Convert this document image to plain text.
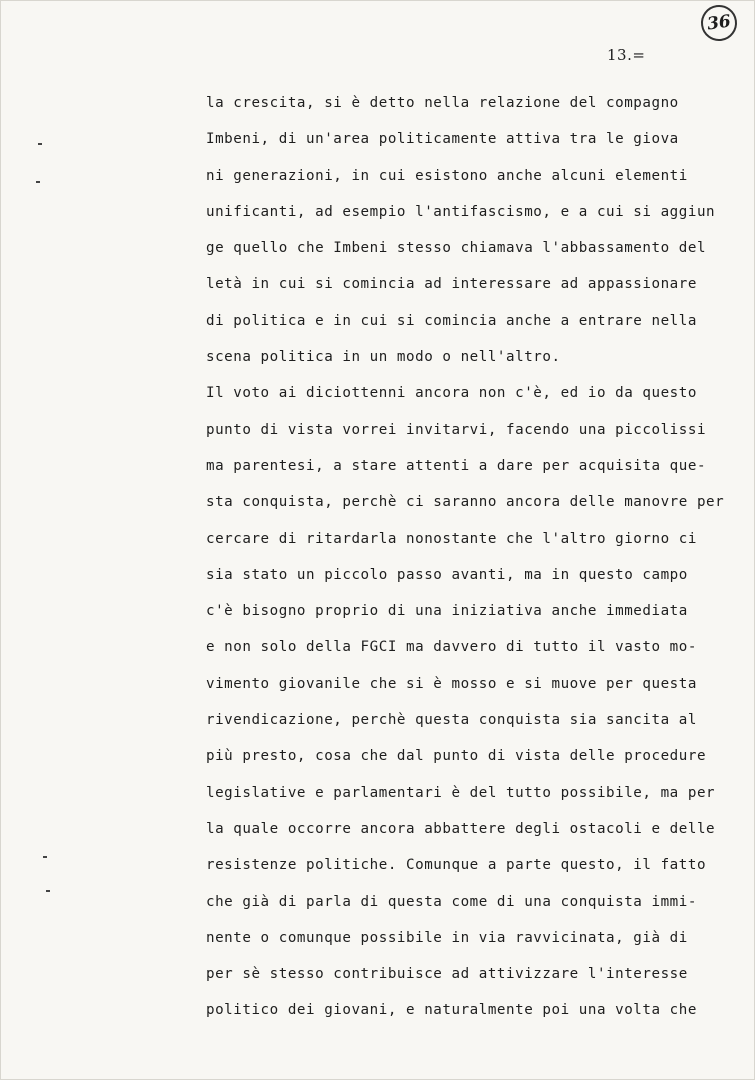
36
13.=
la crescita, si è detto nella relazione del compagno
Imbeni, di un'area politicamente attiva tra le giova
ni generazioni, in cui esistono anche alcuni elementi
unificanti, ad esempio l'antifascismo, e a cui si aggiun
ge quello che Imbeni stesso chiamava l'abbassamento del
letà in cui si comincia ad interessare ad appassionare
di politica e in cui si comincia anche a entrare nella
scena politica in un modo o nell'altro.
Il voto ai diciottenni ancora non c'è, ed io da questo
punto di vista vorrei invitarvi, facendo una piccolissi
ma parentesi, a stare attenti a dare per acquisita que-
sta conquista, perchè ci saranno ancora delle manovre per
cercare di ritardarla nonostante che l'altro giorno ci
sia stato un piccolo passo avanti, ma in questo campo
c'è bisogno proprio di una iniziativa anche immediata
e non solo della FGCI ma davvero di tutto il vasto mo-
vimento giovanile che si è mosso e si muove per questa
rivendicazione, perchè questa conquista sia sancita al
più presto, cosa che dal punto di vista delle procedure
legislative e parlamentari è del tutto possibile, ma per
la quale occorre ancora abbattere degli ostacoli e delle
resistenze politiche. Comunque a parte questo, il fatto
che già di parla di questa come di una conquista immi-
nente o comunque possibile in via ravvicinata, già di
per sè stesso contribuisce ad attivizzare l'interesse
politico dei giovani, e naturalmente poi una volta che
